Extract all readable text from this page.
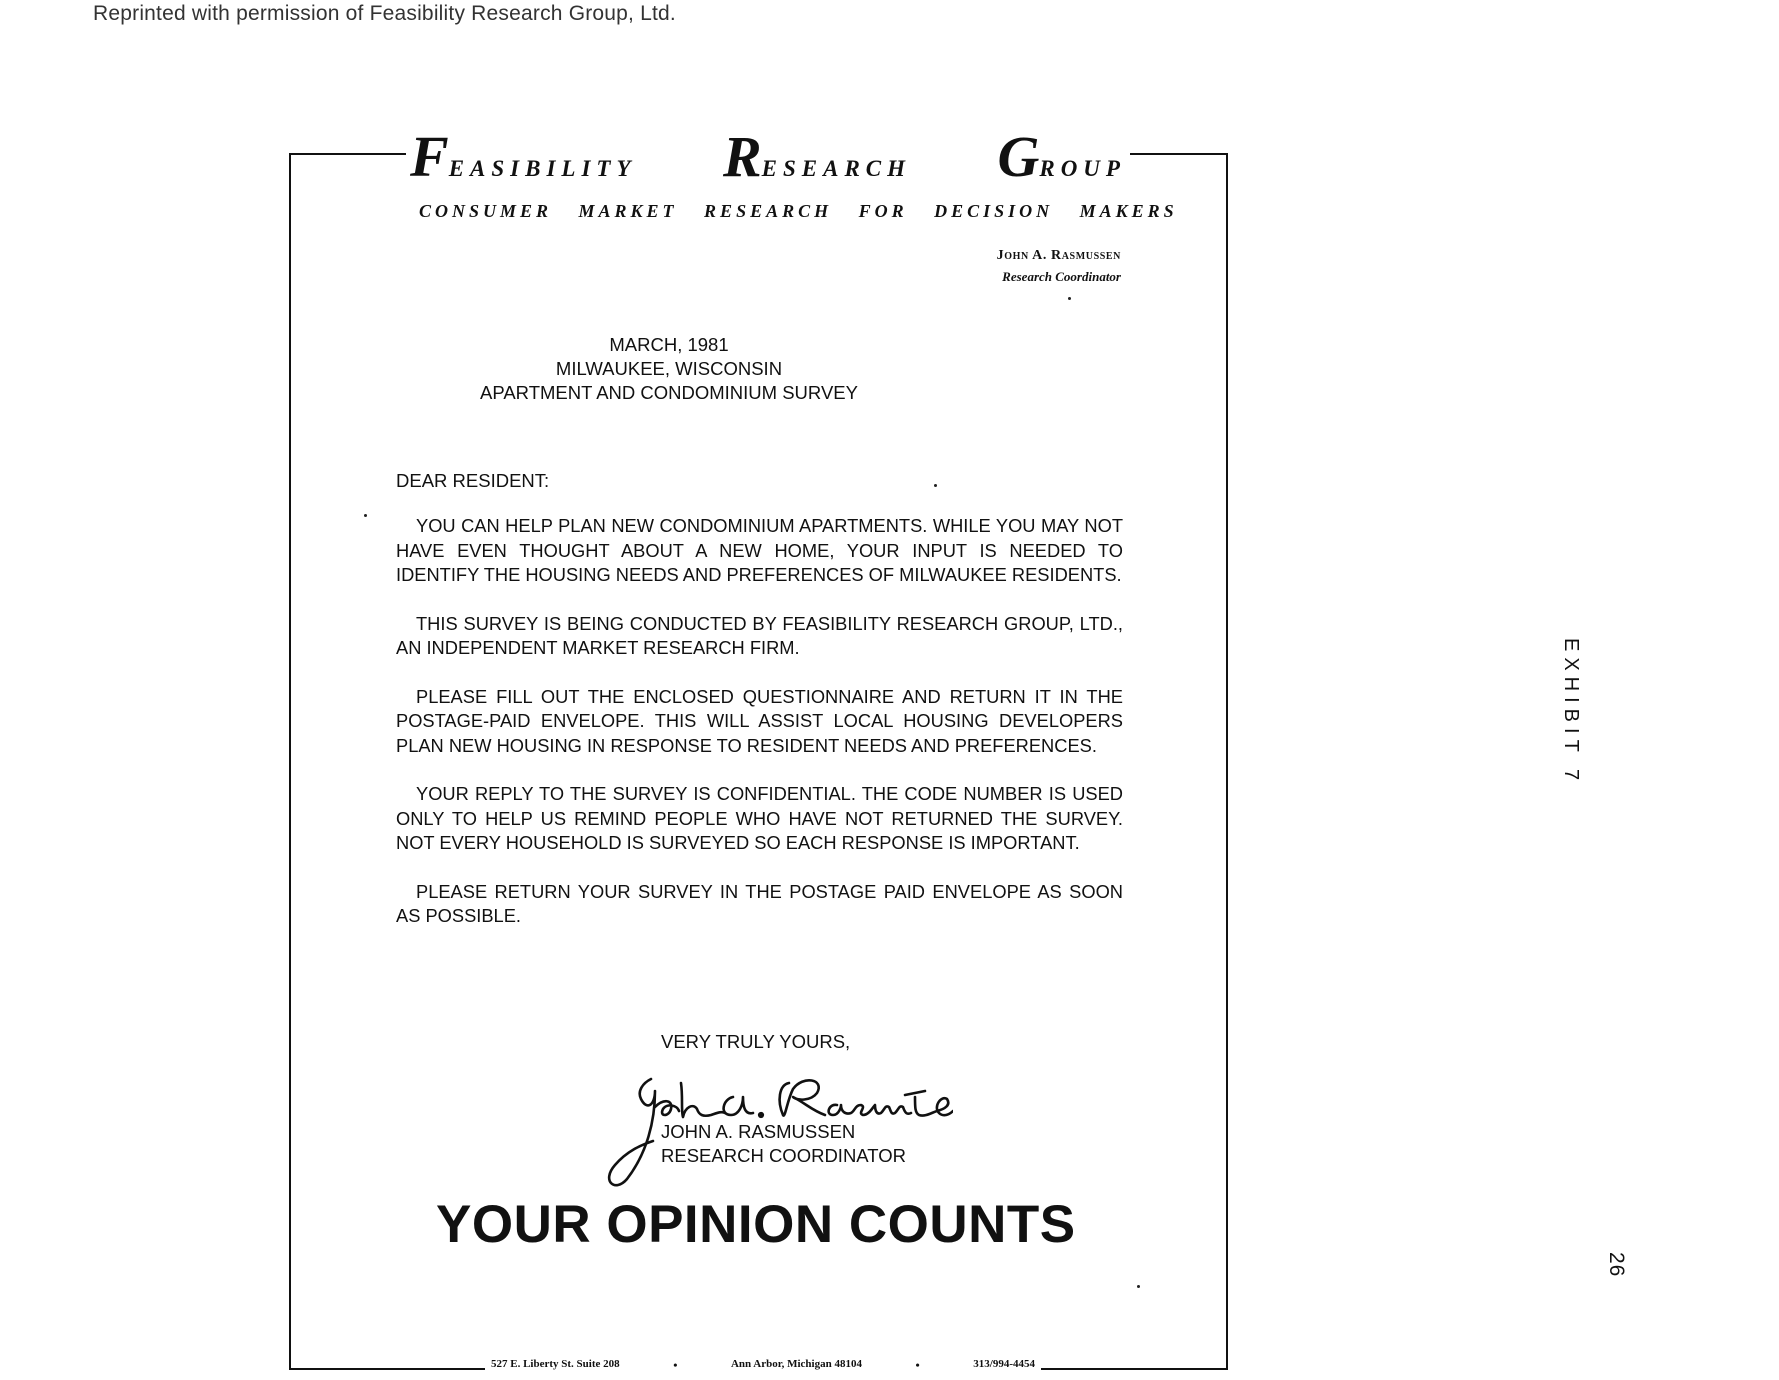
Reprinted with permission of Feasibility Research Group, Ltd.
FEASIBILITY RESEARCH GROUP
CONSUMER MARKET RESEARCH FOR DECISION MAKERS
John A. Rasmussen
Research Coordinator
MARCH, 1981
MILWAUKEE, WISCONSIN
APARTMENT AND CONDOMINIUM SURVEY
DEAR RESIDENT:

YOU CAN HELP PLAN NEW CONDOMINIUM APARTMENTS. WHILE YOU MAY NOT HAVE EVEN THOUGHT ABOUT A NEW HOME, YOUR INPUT IS NEEDED TO IDENTIFY THE HOUSING NEEDS AND PREFERENCES OF MILWAUKEE RESIDENTS.

THIS SURVEY IS BEING CONDUCTED BY FEASIBILITY RESEARCH GROUP, LTD., AN INDEPENDENT MARKET RESEARCH FIRM.

PLEASE FILL OUT THE ENCLOSED QUESTIONNAIRE AND RETURN IT IN THE POSTAGE-PAID ENVELOPE. THIS WILL ASSIST LOCAL HOUSING DEVELOPERS PLAN NEW HOUSING IN RESPONSE TO RESIDENT NEEDS AND PREFERENCES.

YOUR REPLY TO THE SURVEY IS CONFIDENTIAL. THE CODE NUMBER IS USED ONLY TO HELP US REMIND PEOPLE WHO HAVE NOT RETURNED THE SURVEY. NOT EVERY HOUSEHOLD IS SURVEYED SO EACH RESPONSE IS IMPORTANT.

PLEASE RETURN YOUR SURVEY IN THE POSTAGE PAID ENVELOPE AS SOON AS POSSIBLE.

VERY TRULY YOURS,
JOHN A. RASMUSSEN
RESEARCH COORDINATOR
YOUR OPINION COUNTS
527 E. Liberty St. Suite 208	•	Ann Arbor, Michigan 48104	•	313/994-4454
EXHIBIT 7
26
